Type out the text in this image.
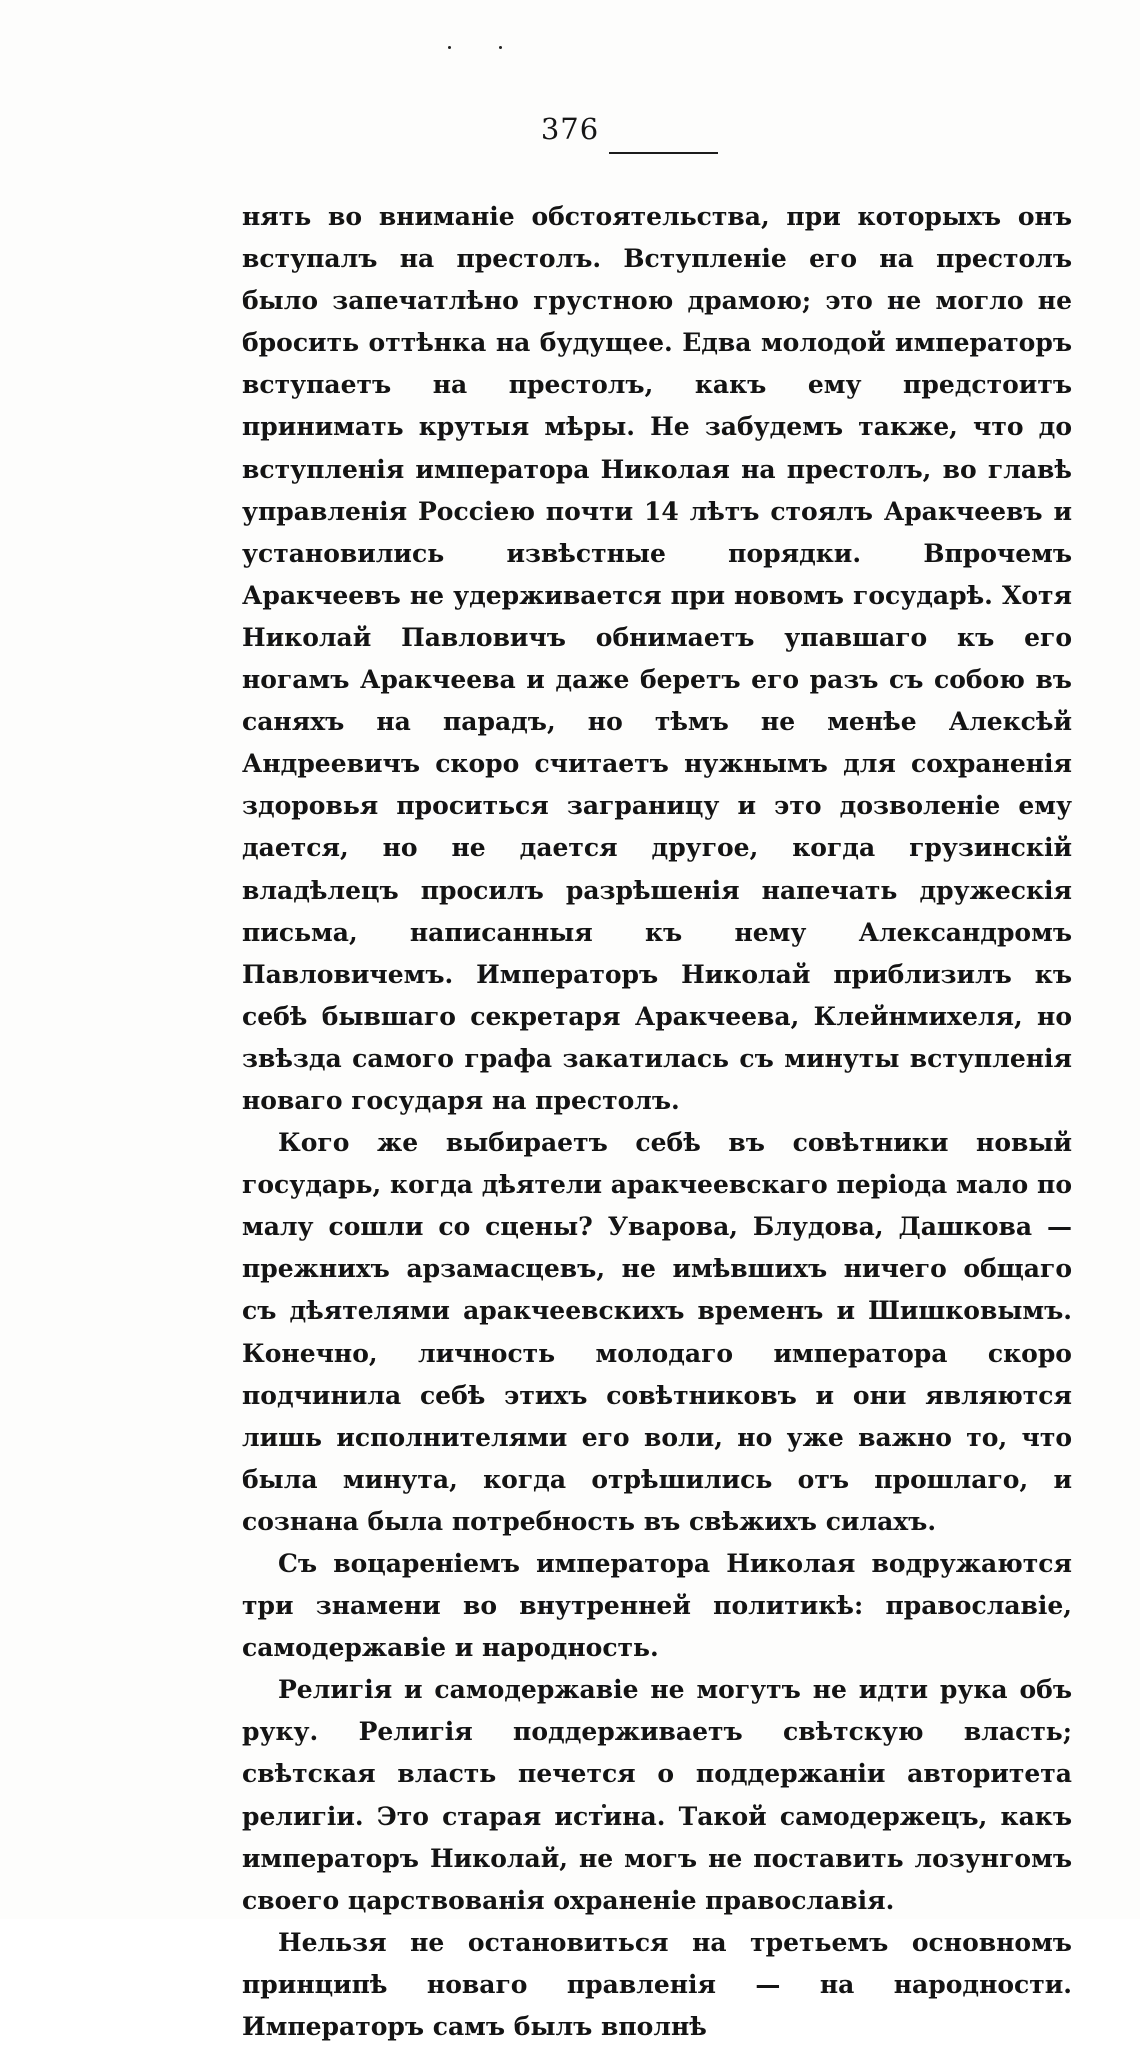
376

нять во вниманіе обстоятельства, при которыхъ онъ вступалъ на престолъ. Вступленіе его на престолъ было запечатлѣно грустною драмою; это не могло не бросить оттѣнка на будущее. Едва молодой императоръ вступаетъ на престолъ, какъ ему предстоитъ принимать крутыя мѣры. Не забудемъ также, что до вступленія императора Николая на престолъ, во главѣ управленія Россіею почти 14 лѣтъ стоялъ Аракчеевъ и установились извѣстные порядки. Впрочемъ Аракчеевъ не удерживается при новомъ государѣ. Хотя Николай Павловичъ обнимаетъ упавшаго къ его ногамъ Аракчеева и даже беретъ его разъ съ собою въ саняхъ на парадъ, но тѣмъ не менѣе Алексѣй Андреевичъ скоро считаетъ нужнымъ для сохраненія здоровья проситься заграницу и это дозволеніе ему дается, но не дается другое, когда грузинскій владѣлецъ просилъ разрѣшенія напечать дружескія письма, написанныя къ нему Александромъ Павловичемъ. Императоръ Николай приблизилъ къ себѣ бывшаго секретаря Аракчеева, Клейнмихеля, но звѣзда самого графа закатилась съ минуты вступленія новаго государя на престолъ.

Кого же выбираетъ себѣ въ совѣтники новый государь, когда дѣятели аракчеевскаго періода мало по малу сошли со сцены? Уварова, Блудова, Дашкова — прежнихъ арзамасцевъ, не имѣвшихъ ничего общаго съ дѣятелями аракчеевскихъ временъ и Шишковымъ. Конечно, личность молодаго императора скоро подчинила себѣ этихъ совѣтниковъ и они являются лишь исполнителями его воли, но уже важно то, что была минута, когда отрѣшились отъ прошлаго, и сознана была потребность въ свѣжихъ силахъ.

Съ воцареніемъ императора Николая водружаются три знамени во внутренней политикѣ: православіе, самодержавіе и народность.

Религія и самодержавіе не могутъ не идти рука объ руку. Религія поддерживаетъ свѣтскую власть; свѣтская власть печется о поддержаніи авторитета религіи. Это старая истина. Такой самодержецъ, какъ императоръ Николай, не могъ не поставить лозунгомъ своего царствованія охраненіе православія.

Нельзя не остановиться на третьемъ основномъ принципѣ новаго правленія — на народности. Императоръ самъ былъ вполнѣ
